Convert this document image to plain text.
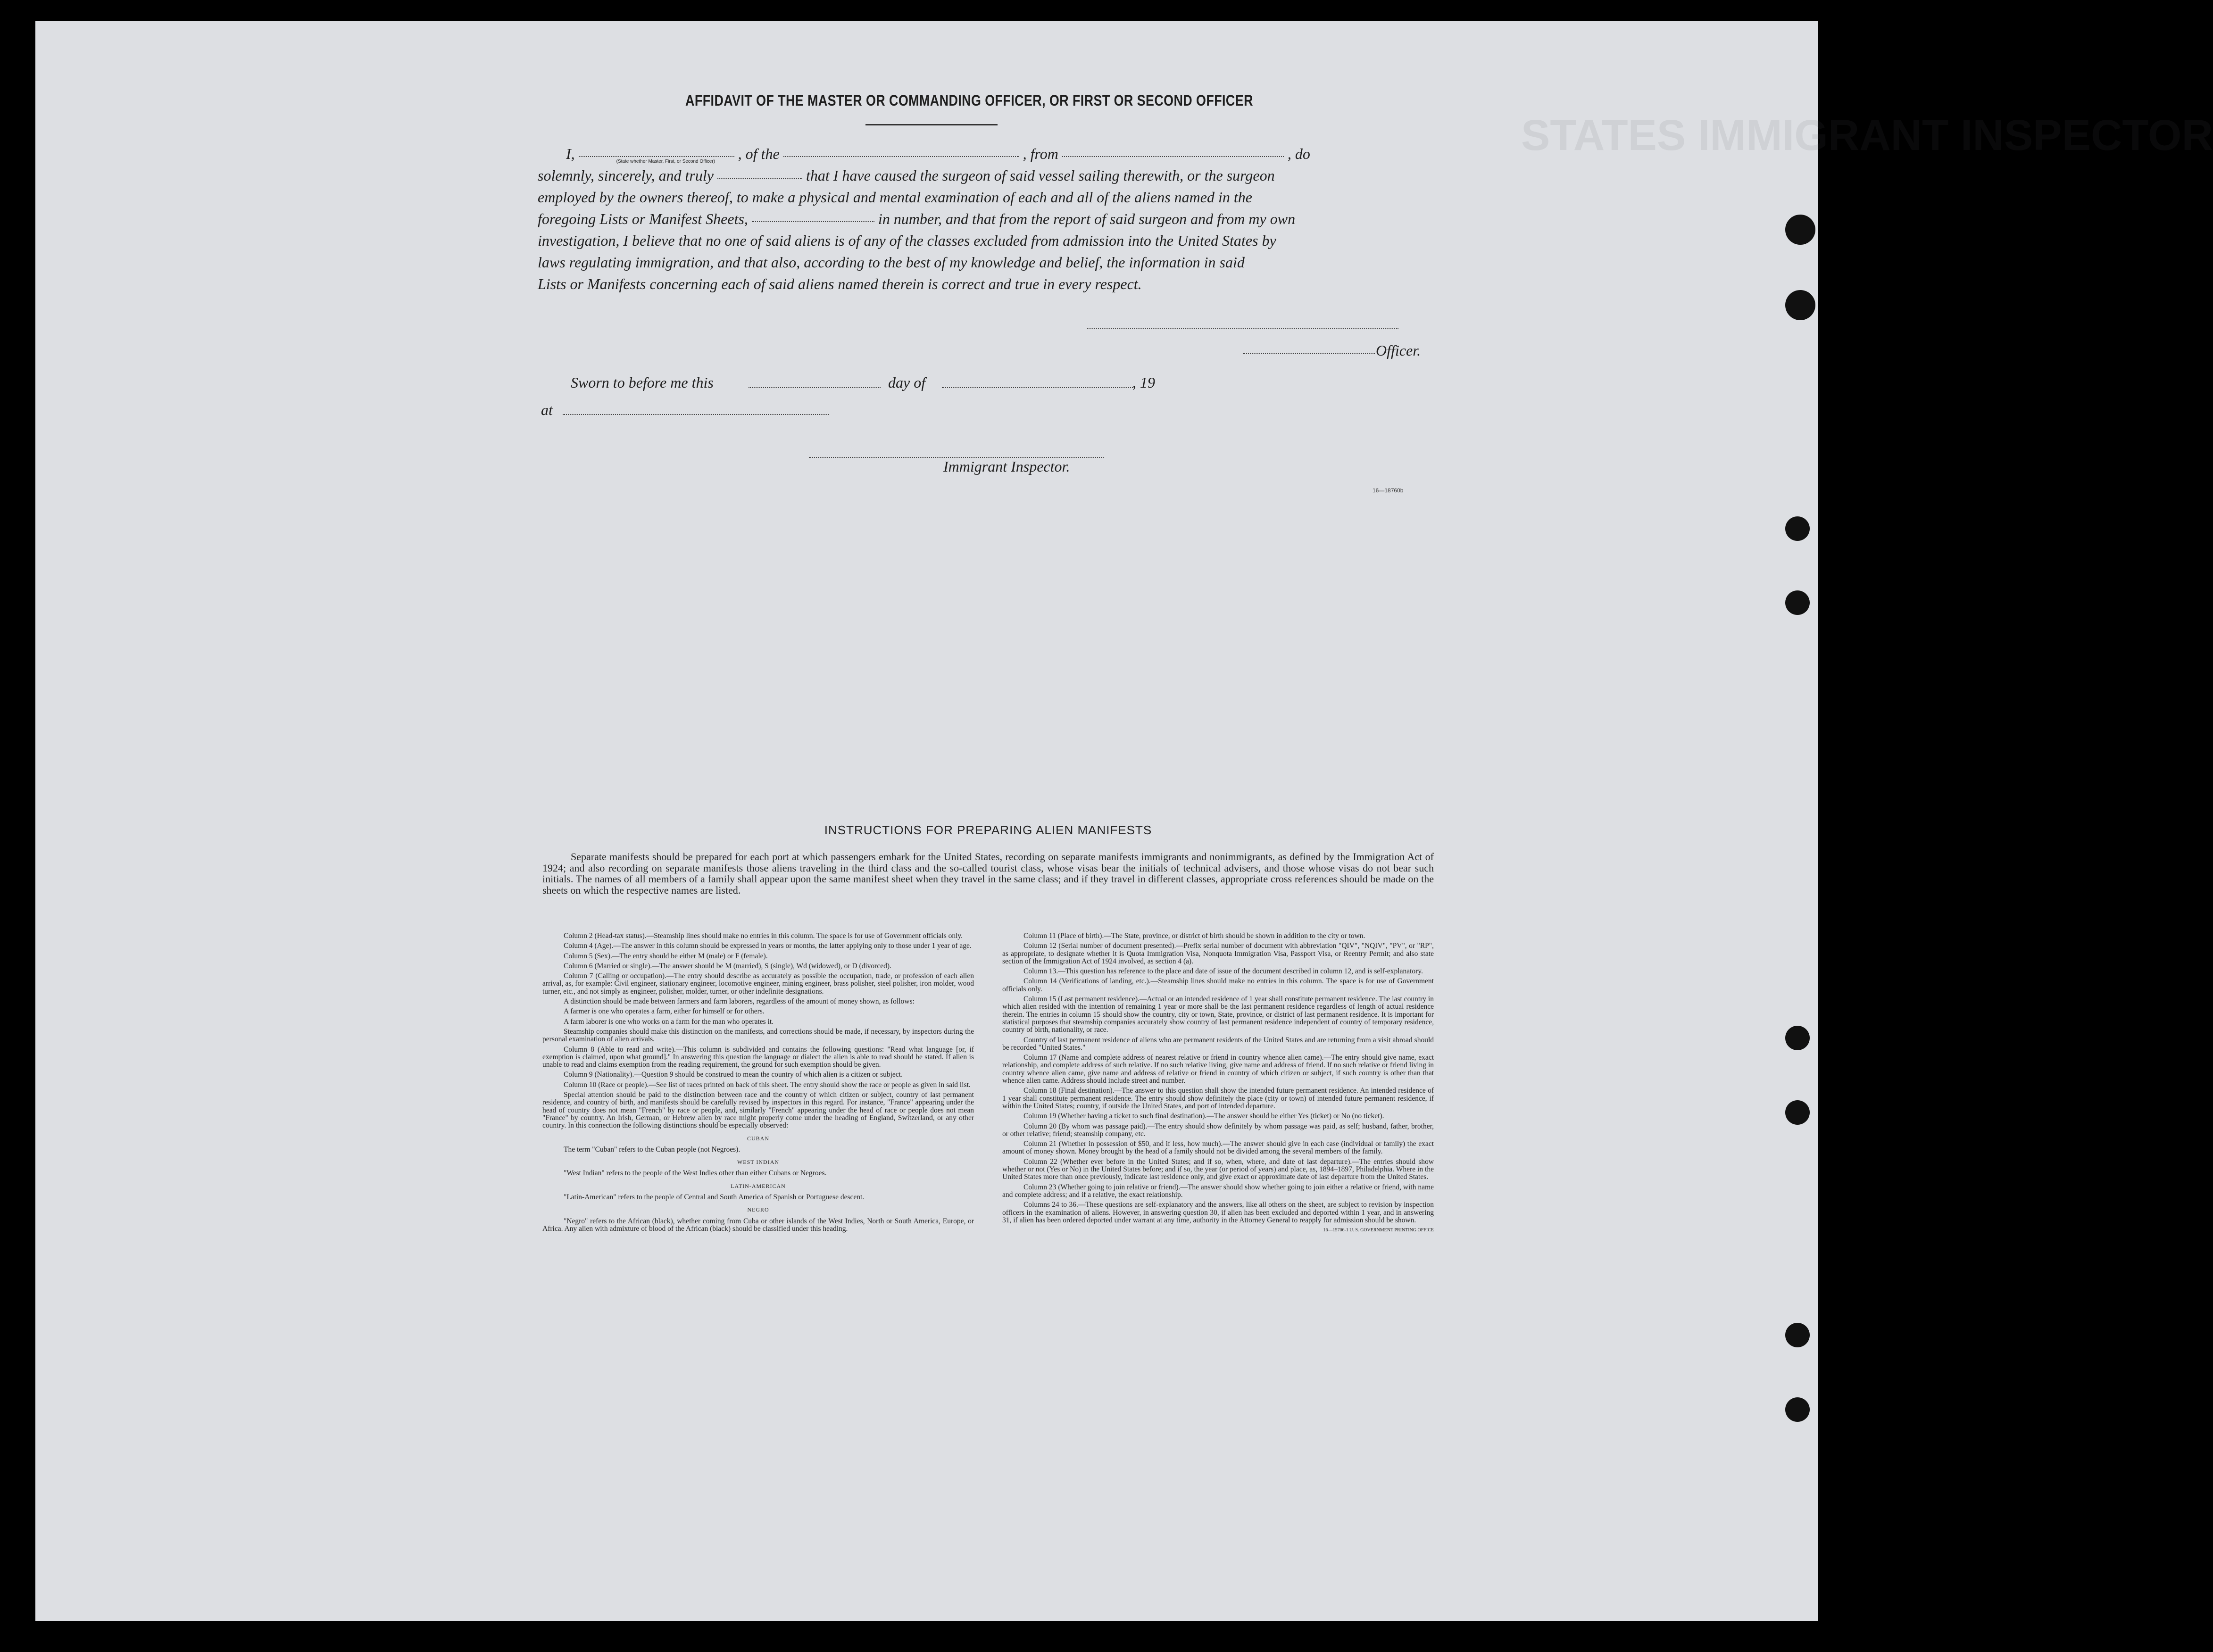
STATES IMMIGRANT INSPECTOR
AFFIDAVIT OF THE MASTER OR COMMANDING OFFICER, OR FIRST OR SECOND OFFICER
I,	(State whether Master, First, or Second Officer) , of the	, from	, do
solemnly, sincerely, and truly	that I have caused the surgeon of said vessel sailing therewith, or the surgeon
employed by the owners thereof, to make a physical and mental examination of each and all of the aliens named in the
foregoing Lists or Manifest Sheets,	in number, and that from the report of said surgeon and from my own
investigation, I believe that no one of said aliens is of any of the classes excluded from admission into the United States by
laws regulating immigration, and that also, according to the best of my knowledge and belief, the information in said
Lists or Manifests concerning each of said aliens named therein is correct and true in every respect.
Officer.
Sworn to before me this	day of	, 19
at
Immigrant Inspector.
16—18760b
INSTRUCTIONS FOR PREPARING ALIEN MANIFESTS
Separate manifests should be prepared for each port at which passengers embark for the United States, recording on separate manifests immigrants and nonimmigrants, as defined by the Immigration Act of 1924; and also recording on separate manifests those aliens traveling in the third class and the so-called tourist class, whose visas bear the initials of technical advisers, and those whose visas do not bear such initials. The names of all members of a family shall appear upon the same manifest sheet when they travel in the same class; and if they travel in different classes, appropriate cross references should be made on the sheets on which the respective names are listed.

Column 2 (Head-tax status).—Steamship lines should make no entries in this column. The space is for use of Government officials only.

Column 4 (Age).—The answer in this column should be expressed in years or months, the latter applying only to those under 1 year of age.

Column 5 (Sex).—The entry should be either M (male) or F (female).

Column 6 (Married or single).—The answer should be M (married), S (single), Wd (widowed), or D (divorced).

Column 7 (Calling or occupation).—The entry should describe as accurately as possible the occupation, trade, or profession of each alien arrival, as, for example: Civil engineer, stationary engineer, locomotive engineer, mining engineer, brass polisher, steel polisher, iron molder, wood turner, etc., and not simply as engineer, polisher, molder, turner, or other indefinite designations.

A distinction should be made between farmers and farm laborers, regardless of the amount of money shown, as follows:

A farmer is one who operates a farm, either for himself or for others.

A farm laborer is one who works on a farm for the man who operates it.

Steamship companies should make this distinction on the manifests, and corrections should be made, if necessary, by inspectors during the personal examination of alien arrivals.

Column 8 (Able to read and write).—This column is subdivided and contains the following questions: "Read what language [or, if exemption is claimed, upon what ground]." In answering this question the language or dialect the alien is able to read should be stated. If alien is unable to read and claims exemption from the reading requirement, the ground for such exemption should be given.

Column 9 (Nationality).—Question 9 should be construed to mean the country of which alien is a citizen or subject.

Column 10 (Race or people).—See list of races printed on back of this sheet. The entry should show the race or people as given in said list.

Special attention should be paid to the distinction between race and the country of which citizen or subject, country of last permanent residence, and country of birth, and manifests should be carefully revised by inspectors in this regard. For instance, "France" appearing under the head of country does not mean "French" by race or people, and, similarly "French" appearing under the head of race or people does not mean "France" by country. An Irish, German, or Hebrew alien by race might properly come under the heading of England, Switzerland, or any other country. In this connection the following distinctions should be especially observed:

CUBAN

The term "Cuban" refers to the Cuban people (not Negroes).

WEST INDIAN

"West Indian" refers to the people of the West Indies other than either Cubans or Negroes.

LATIN-AMERICAN

"Latin-American" refers to the people of Central and South America of Spanish or Portuguese descent.

NEGRO

"Negro" refers to the African (black), whether coming from Cuba or other islands of the West Indies, North or South America, Europe, or Africa. Any alien with admixture of blood of the African (black) should be classified under this heading.

Column 11 (Place of birth).—The State, province, or district of birth should be shown in addition to the city or town.

Column 12 (Serial number of document presented).—Prefix serial number of document with abbreviation "QIV", "NQIV", "PV", or "RP", as appropriate, to designate whether it is Quota Immigration Visa, Nonquota Immigration Visa, Passport Visa, or Reentry Permit; and also state section of the Immigration Act of 1924 involved, as section 4 (a).

Column 13.—This question has reference to the place and date of issue of the document described in column 12, and is self-explanatory.

Column 14 (Verifications of landing, etc.).—Steamship lines should make no entries in this column. The space is for use of Government officials only.

Column 15 (Last permanent residence).—Actual or an intended residence of 1 year shall constitute permanent residence. The last country in which alien resided with the intention of remaining 1 year or more shall be the last permanent residence regardless of length of actual residence therein. The entries in column 15 should show the country, city or town, State, province, or district of last permanent residence. It is important for statistical purposes that steamship companies accurately show country of last permanent residence independent of country of temporary residence, country of birth, nationality, or race.

Country of last permanent residence of aliens who are permanent residents of the United States and are returning from a visit abroad should be recorded "United States."

Column 17 (Name and complete address of nearest relative or friend in country whence alien came).—The entry should give name, exact relationship, and complete address of such relative. If no such relative living, give name and address of friend. If no such relative or friend living in country whence alien came, give name and address of relative or friend in country of which citizen or subject, if such country is other than that whence alien came. Address should include street and number.

Column 18 (Final destination).—The answer to this question shall show the intended future permanent residence. An intended residence of 1 year shall constitute permanent residence. The entry should show definitely the place (city or town) of intended future permanent residence, if within the United States; country, if outside the United States, and port of intended departure.

Column 19 (Whether having a ticket to such final destination).—The answer should be either Yes (ticket) or No (no ticket).

Column 20 (By whom was passage paid).—The entry should show definitely by whom passage was paid, as self; husband, father, brother, or other relative; friend; steamship company, etc.

Column 21 (Whether in possession of $50, and if less, how much).—The answer should give in each case (individual or family) the exact amount of money shown. Money brought by the head of a family should not be divided among the several members of the family.

Column 22 (Whether ever before in the United States; and if so, when, where, and date of last departure).—The entries should show whether or not (Yes or No) in the United States before; and if so, the year (or period of years) and place, as, 1894–1897, Philadelphia. Where in the United States more than once previously, indicate last residence only, and give exact or approximate date of last departure from the United States.

Column 23 (Whether going to join relative or friend).—The answer should show whether going to join either a relative or friend, with name and complete address; and if a relative, the exact relationship.

Columns 24 to 36.—These questions are self-explanatory and the answers, like all others on the sheet, are subject to revision by inspection officers in the examination of aliens. However, in answering question 30, if alien has been excluded and deported within 1 year, and in answering 31, if alien has been ordered deported under warrant at any time, authority in the Attorney General to reapply for admission should be shown.

16—15706-1 U. S. GOVERNMENT PRINTING OFFICE
